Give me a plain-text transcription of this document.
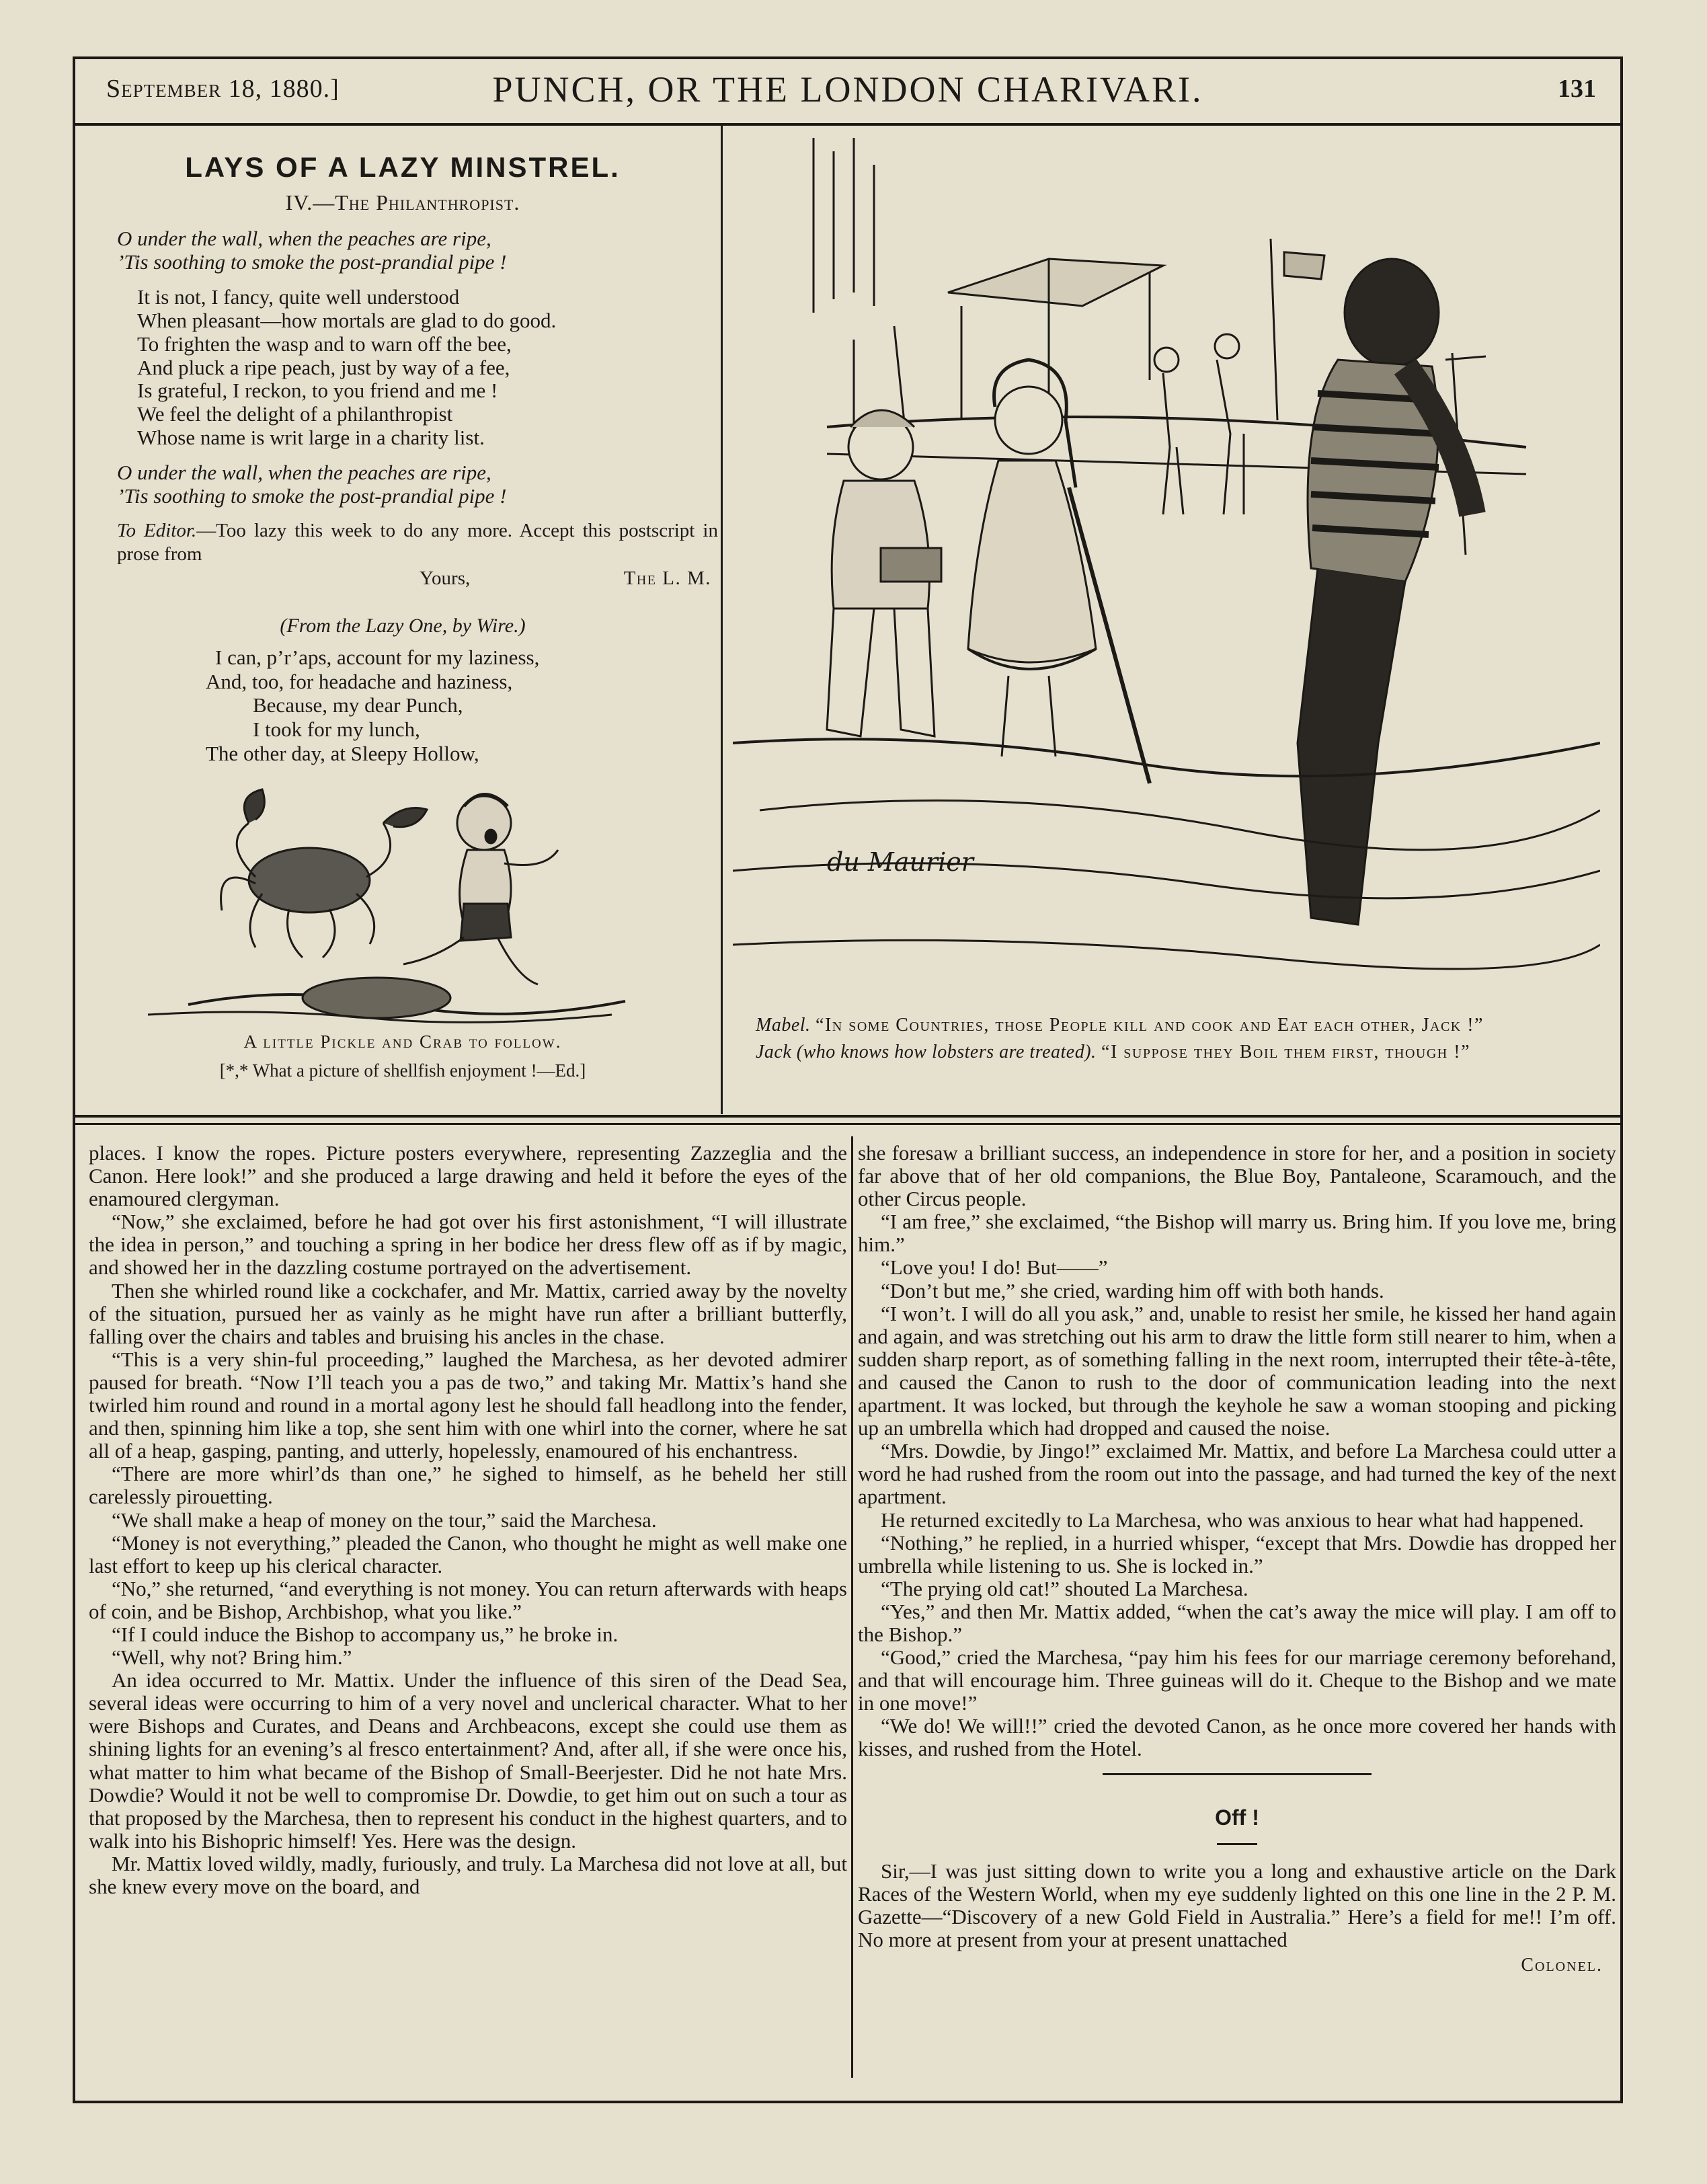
September 18, 1880.]	PUNCH, OR THE LONDON CHARIVARI.	131
LAYS OF A LAZY MINSTREL.
IV.—The Philanthropist.
O under the wall, when the peaches are ripe,
’Tis soothing to smoke the post-prandial pipe !
It is not, I fancy, quite well understood
When pleasant—how mortals are glad to do good.
To frighten the wasp and to warn off the bee,
And pluck a ripe peach, just by way of a fee,
Is grateful, I reckon, to you friend and me !
We feel the delight of a philanthropist
Whose name is writ large in a charity list.
O under the wall, when the peaches are ripe,
’Tis soothing to smoke the post-prandial pipe !
To Editor.—Too lazy this week to do any more. Accept this postscript in prose from
Yours,	The L. M.
(From the Lazy One, by Wire.)
I can, p’r’aps, account for my laziness,
And, too, for headache and haziness,
Because, my dear Punch,
I took for my lunch,
The other day, at Sleepy Hollow,
A little Pickle and Crab to follow.
[*,* What a picture of shellfish enjoyment !—Ed.]
du Maurier
Mabel. “In some Countries, those People kill and cook and Eat each other, Jack !”
Jack (who knows how lobsters are treated). “I suppose they Boil them first, though !”

places. I know the ropes. Picture posters everywhere, representing Zazzeglia and the Canon. Here look!” and she produced a large drawing and held it before the eyes of the enamoured clergyman.

“Now,” she exclaimed, before he had got over his first astonishment, “I will illustrate the idea in person,” and touching a spring in her bodice her dress flew off as if by magic, and showed her in the dazzling costume portrayed on the advertisement.

Then she whirled round like a cockchafer, and Mr. Mattix, carried away by the novelty of the situation, pursued her as vainly as he might have run after a brilliant butterfly, falling over the chairs and tables and bruising his ancles in the chase.

“This is a very shin-ful proceeding,” laughed the Marchesa, as her devoted admirer paused for breath. “Now I’ll teach you a pas de two,” and taking Mr. Mattix’s hand she twirled him round and round in a mortal agony lest he should fall headlong into the fender, and then, spinning him like a top, she sent him with one whirl into the corner, where he sat all of a heap, gasping, panting, and utterly, hopelessly, enamoured of his enchantress.

“There are more whirl’ds than one,” he sighed to himself, as he beheld her still carelessly pirouetting.

“We shall make a heap of money on the tour,” said the Marchesa.

“Money is not everything,” pleaded the Canon, who thought he might as well make one last effort to keep up his clerical character.

“No,” she returned, “and everything is not money. You can return afterwards with heaps of coin, and be Bishop, Archbishop, what you like.”

“If I could induce the Bishop to accompany us,” he broke in.

“Well, why not? Bring him.”

An idea occurred to Mr. Mattix. Under the influence of this siren of the Dead Sea, several ideas were occurring to him of a very novel and unclerical character. What to her were Bishops and Curates, and Deans and Archbeacons, except she could use them as shining lights for an evening’s al fresco entertainment? And, after all, if she were once his, what matter to him what became of the Bishop of Small-Beerjester. Did he not hate Mrs. Dowdie? Would it not be well to compromise Dr. Dowdie, to get him out on such a tour as that proposed by the Marchesa, then to represent his conduct in the highest quarters, and to walk into his Bishopric himself! Yes. Here was the design.

Mr. Mattix loved wildly, madly, furiously, and truly. La Marchesa did not love at all, but she knew every move on the board, and

she foresaw a brilliant success, an independence in store for her, and a position in society far above that of her old companions, the Blue Boy, Pantaleone, Scaramouch, and the other Circus people.

“I am free,” she exclaimed, “the Bishop will marry us. Bring him. If you love me, bring him.”

“Love you! I do! But——”

“Don’t but me,” she cried, warding him off with both hands.

“I won’t. I will do all you ask,” and, unable to resist her smile, he kissed her hand again and again, and was stretching out his arm to draw the little form still nearer to him, when a sudden sharp report, as of something falling in the next room, interrupted their tête-à-tête, and caused the Canon to rush to the door of communication leading into the next apartment. It was locked, but through the keyhole he saw a woman stooping and picking up an umbrella which had dropped and caused the noise.

“Mrs. Dowdie, by Jingo!” exclaimed Mr. Mattix, and before La Marchesa could utter a word he had rushed from the room out into the passage, and had turned the key of the next apartment.

He returned excitedly to La Marchesa, who was anxious to hear what had happened.

“Nothing,” he replied, in a hurried whisper, “except that Mrs. Dowdie has dropped her umbrella while listening to us. She is locked in.”

“The prying old cat!” shouted La Marchesa.

“Yes,” and then Mr. Mattix added, “when the cat’s away the mice will play. I am off to the Bishop.”

“Good,” cried the Marchesa, “pay him his fees for our marriage ceremony beforehand, and that will encourage him. Three guineas will do it. Cheque to the Bishop and we mate in one move!”

“We do! We will!!” cried the devoted Canon, as he once more covered her hands with kisses, and rushed from the Hotel.

Off !

Sir,—I was just sitting down to write you a long and exhaustive article on the Dark Races of the Western World, when my eye suddenly lighted on this one line in the 2 P. M. Gazette—“Discovery of a new Gold Field in Australia.” Here’s a field for me!! I’m off. No more at present from your at present unattached

Colonel.
